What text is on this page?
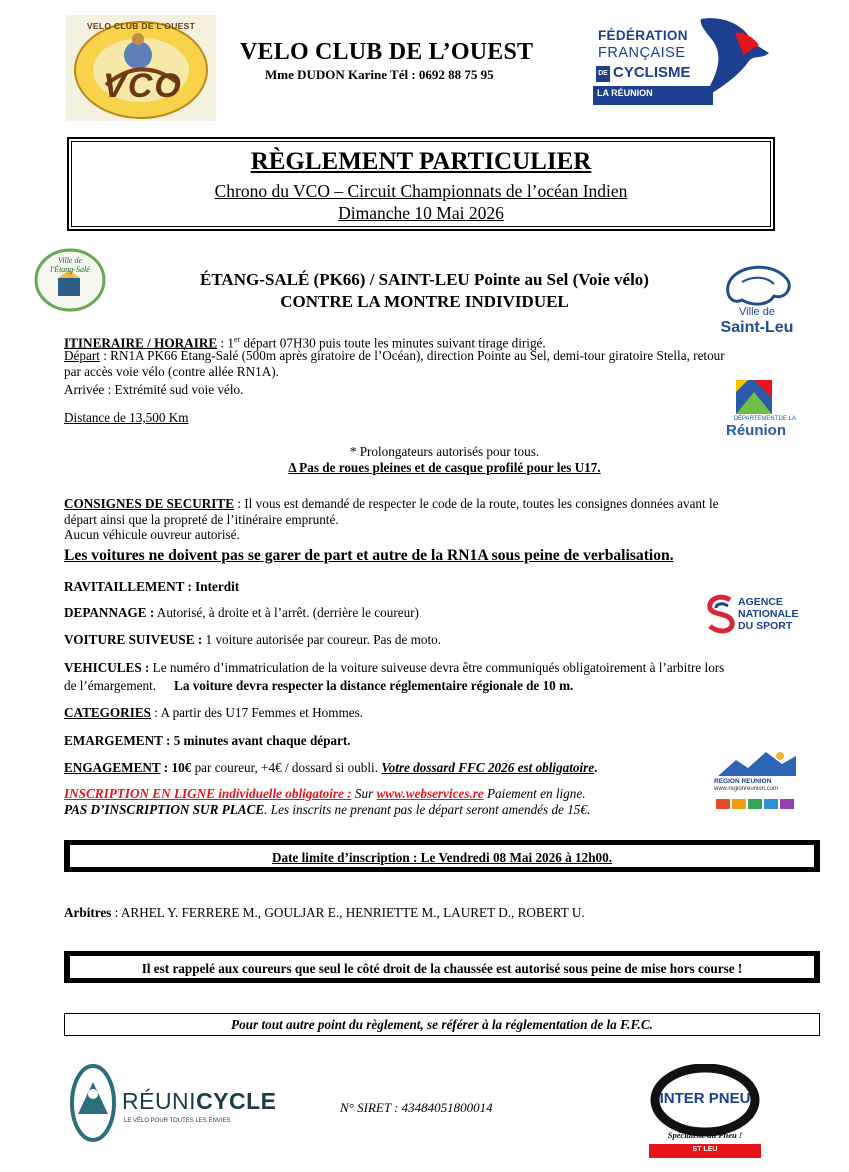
VELO CLUB DE L'OUEST
VCO
VELO CLUB DE L’OUEST
Mme DUDON Karine Tél : 0692 88 75 95
FÉDÉRATION
FRANÇAISE
DE CYCLISME
LA RÉUNION
RÈGLEMENT PARTICULIER
Chrono du VCO – Circuit Championnats de l’océan Indien
Dimanche 10 Mai 2026
Ville de
l'Étang-Salé
ÉTANG-SALÉ (PK66) / SAINT-LEU Pointe au Sel (Voie vélo)
CONTRE LA MONTRE INDIVIDUEL
Ville de
Saint-Leu
DÉPARTEMENT DE LA
Réunion
ITINERAIRE / HORAIRE : 1er départ 07H30 puis toute les minutes suivant tirage dirigé.
Départ : RN1A PK66 Étang-Salé (500m après giratoire de l’Océan), direction Pointe au Sel, demi-tour giratoire Stella, retour
par accès voie vélo (contre allée RN1A).
Arrivée : Extrémité sud voie vélo.
Distance de 13,500 Km
* Prolongateurs autorisés pour tous.
Δ Pas de roues pleines et de casque profilé pour les U17.
CONSIGNES DE SECURITE : Il vous est demandé de respecter le code de la route, toutes les consignes données avant le
départ ainsi que la propreté de l’itinéraire emprunté.
Aucun véhicule ouvreur autorisé.
Les voitures ne doivent pas se garer de part et autre de la RN1A sous peine de verbalisation.
AGENCE
NATIONALE
DU SPORT
RAVITAILLEMENT : Interdit
DEPANNAGE : Autorisé, à droite et à l’arrêt. (derrière le coureur)
VOITURE SUIVEUSE : 1 voiture autorisée par coureur. Pas de moto.
VEHICULES : Le numéro d’immatriculation de la voiture suiveuse devra être communiqués obligatoirement à l’arbitre lors
de l’émargement. La voiture devra respecter la distance réglementaire régionale de 10 m.
CATEGORIES : A partir des U17 Femmes et Hommes.
EMARGEMENT : 5 minutes avant chaque départ.
ENGAGEMENT : 10€ par coureur, +4€ / dossard si oubli. Votre dossard FFC 2026 est obligatoire.
INSCRIPTION EN LIGNE individuelle obligatoire : Sur www.webservices.re Paiement en ligne.
PAS D’INSCRIPTION SUR PLACE. Les inscrits ne prenant pas le départ seront amendés de 15€.
REGION REUNION
www.regionreunion.com
Date limite d’inscription : Le Vendredi 08 Mai 2026 à 12h00.
Arbitres : ARHEL Y. FERRERE M., GOULJAR E., HENRIETTE M., LAURET D., ROBERT U.
Il est rappelé aux coureurs que seul le côté droit de la chaussée est autorisé sous peine de mise hors course !
Pour tout autre point du règlement, se référer à la réglementation de la F.F.C.
RÉUNICYCLE
LE VÉLO POUR TOUTES LES ENVIES
N° SIRET : 43484051800014
INTER PNEU
Spécialiste du Pneu !
ST LEU
